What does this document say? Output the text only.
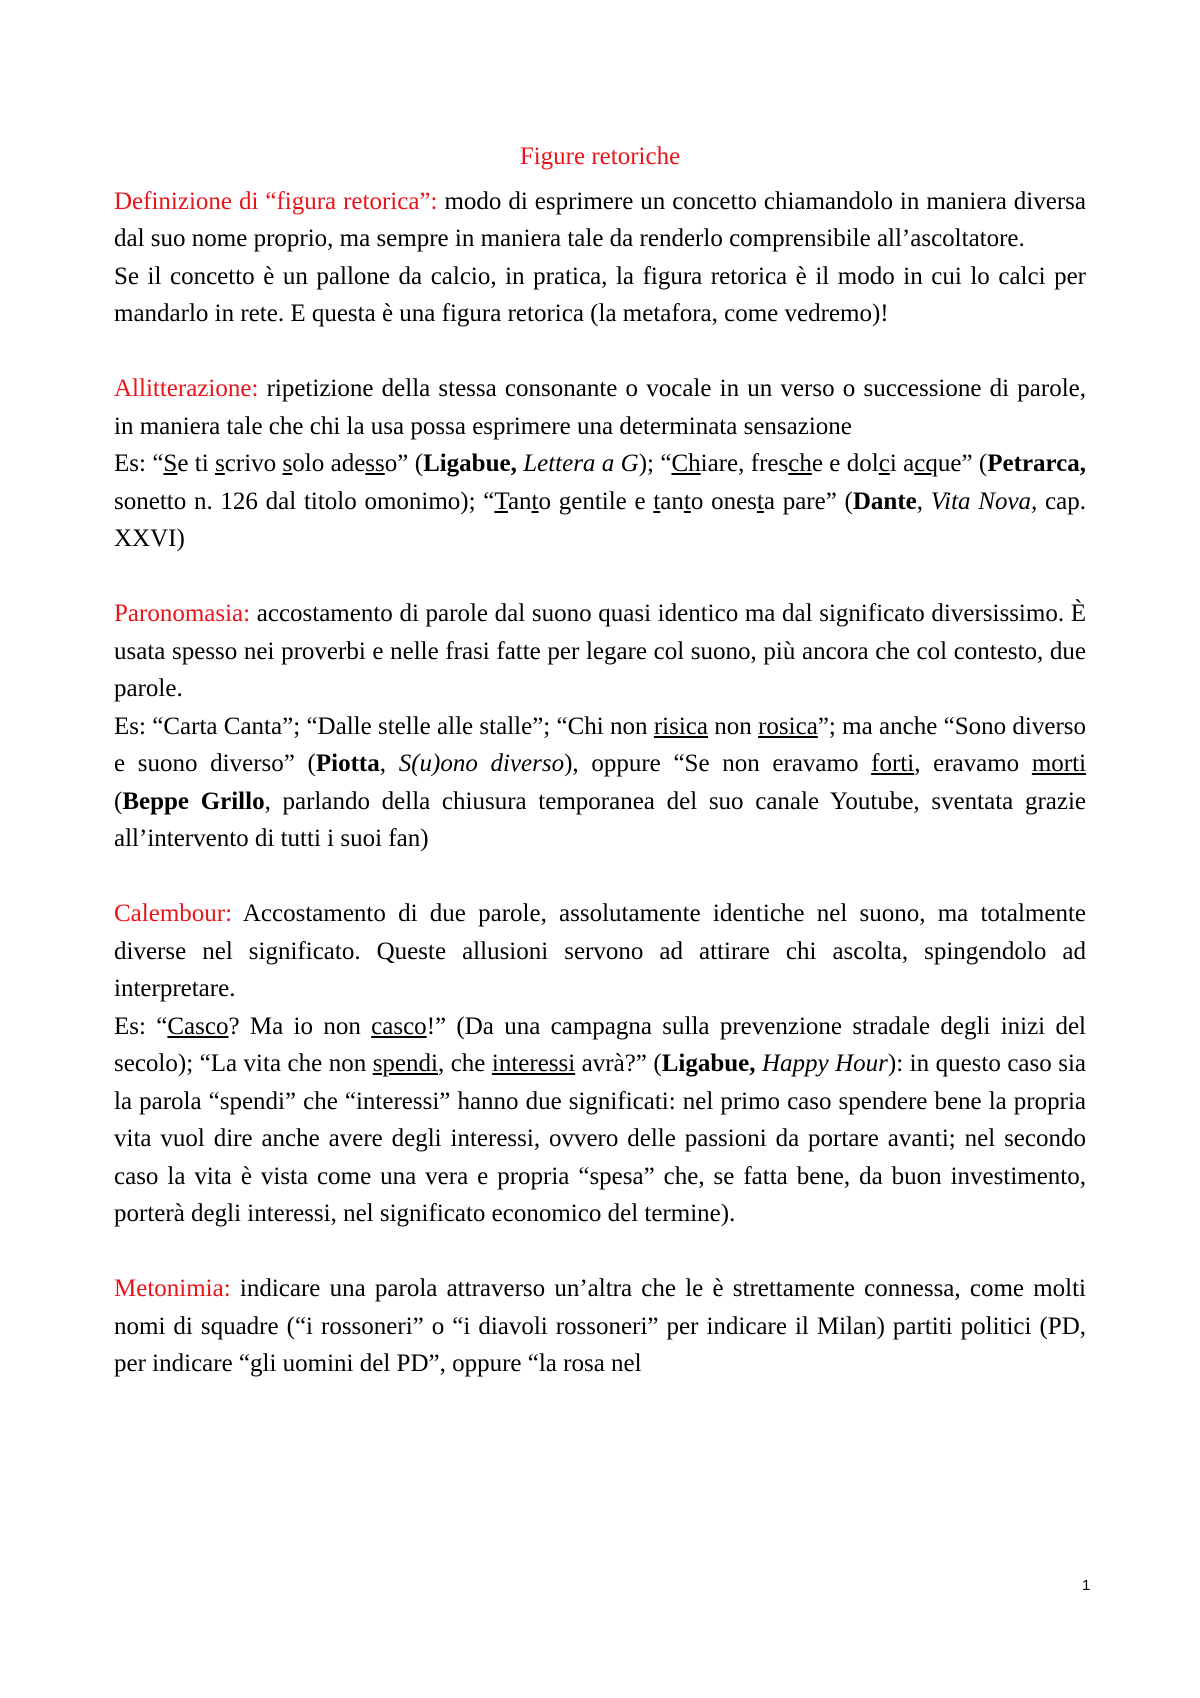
Figure retoriche

Definizione di “figura retorica”: modo di esprimere un concetto chiamandolo in maniera diversa dal suo nome proprio, ma sempre in maniera tale da renderlo comprensibile all’ascoltatore.

Se il concetto è un pallone da calcio, in pratica, la figura retorica è il modo in cui lo calci per mandarlo in rete. E questa è una figura retorica (la metafora, come vedremo)!

Allitterazione: ripetizione della stessa consonante o vocale in un verso o successione di parole, in maniera tale che chi la usa possa esprimere una determinata sensazione

Es: “Se ti scrivo solo adesso” (Ligabue, Lettera a G); “Chiare, fresche e dolci acque” (Petrarca, sonetto n. 126 dal titolo omonimo); “Tanto gentile e tanto onesta pare” (Dante, Vita Nova, cap. XXVI)

Paronomasia: accostamento di parole dal suono quasi identico ma dal significato diversissimo. È usata spesso nei proverbi e nelle frasi fatte per legare col suono, più ancora che col contesto, due parole.

Es: “Carta Canta”; “Dalle stelle alle stalle”; “Chi non risica non rosica”; ma anche “Sono diverso e suono diverso” (Piotta, S(u)ono diverso), oppure “Se non eravamo forti, eravamo morti (Beppe Grillo, parlando della chiusura temporanea del suo canale Youtube, sventata grazie all’intervento di tutti i suoi fan)

Calembour: Accostamento di due parole, assolutamente identiche nel suono, ma totalmente diverse nel significato. Queste allusioni servono ad attirare chi ascolta, spingendolo ad interpretare.

Es: “Casco? Ma io non casco!” (Da una campagna sulla prevenzione stradale degli inizi del secolo); “La vita che non spendi, che interessi avrà?” (Ligabue, Happy Hour): in questo caso sia la parola “spendi” che “interessi” hanno due significati: nel primo caso spendere bene la propria vita vuol dire anche avere degli interessi, ovvero delle passioni da portare avanti; nel secondo caso la vita è vista come una vera e propria “spesa” che, se fatta bene, da buon investimento, porterà degli interessi, nel significato economico del termine).

Metonimia: indicare una parola attraverso un’altra che le è strettamente connessa, come molti nomi di squadre (“i rossoneri” o “i diavoli rossoneri” per indicare il Milan) partiti politici (PD, per indicare “gli uomini del PD”, oppure “la rosa nel

1
